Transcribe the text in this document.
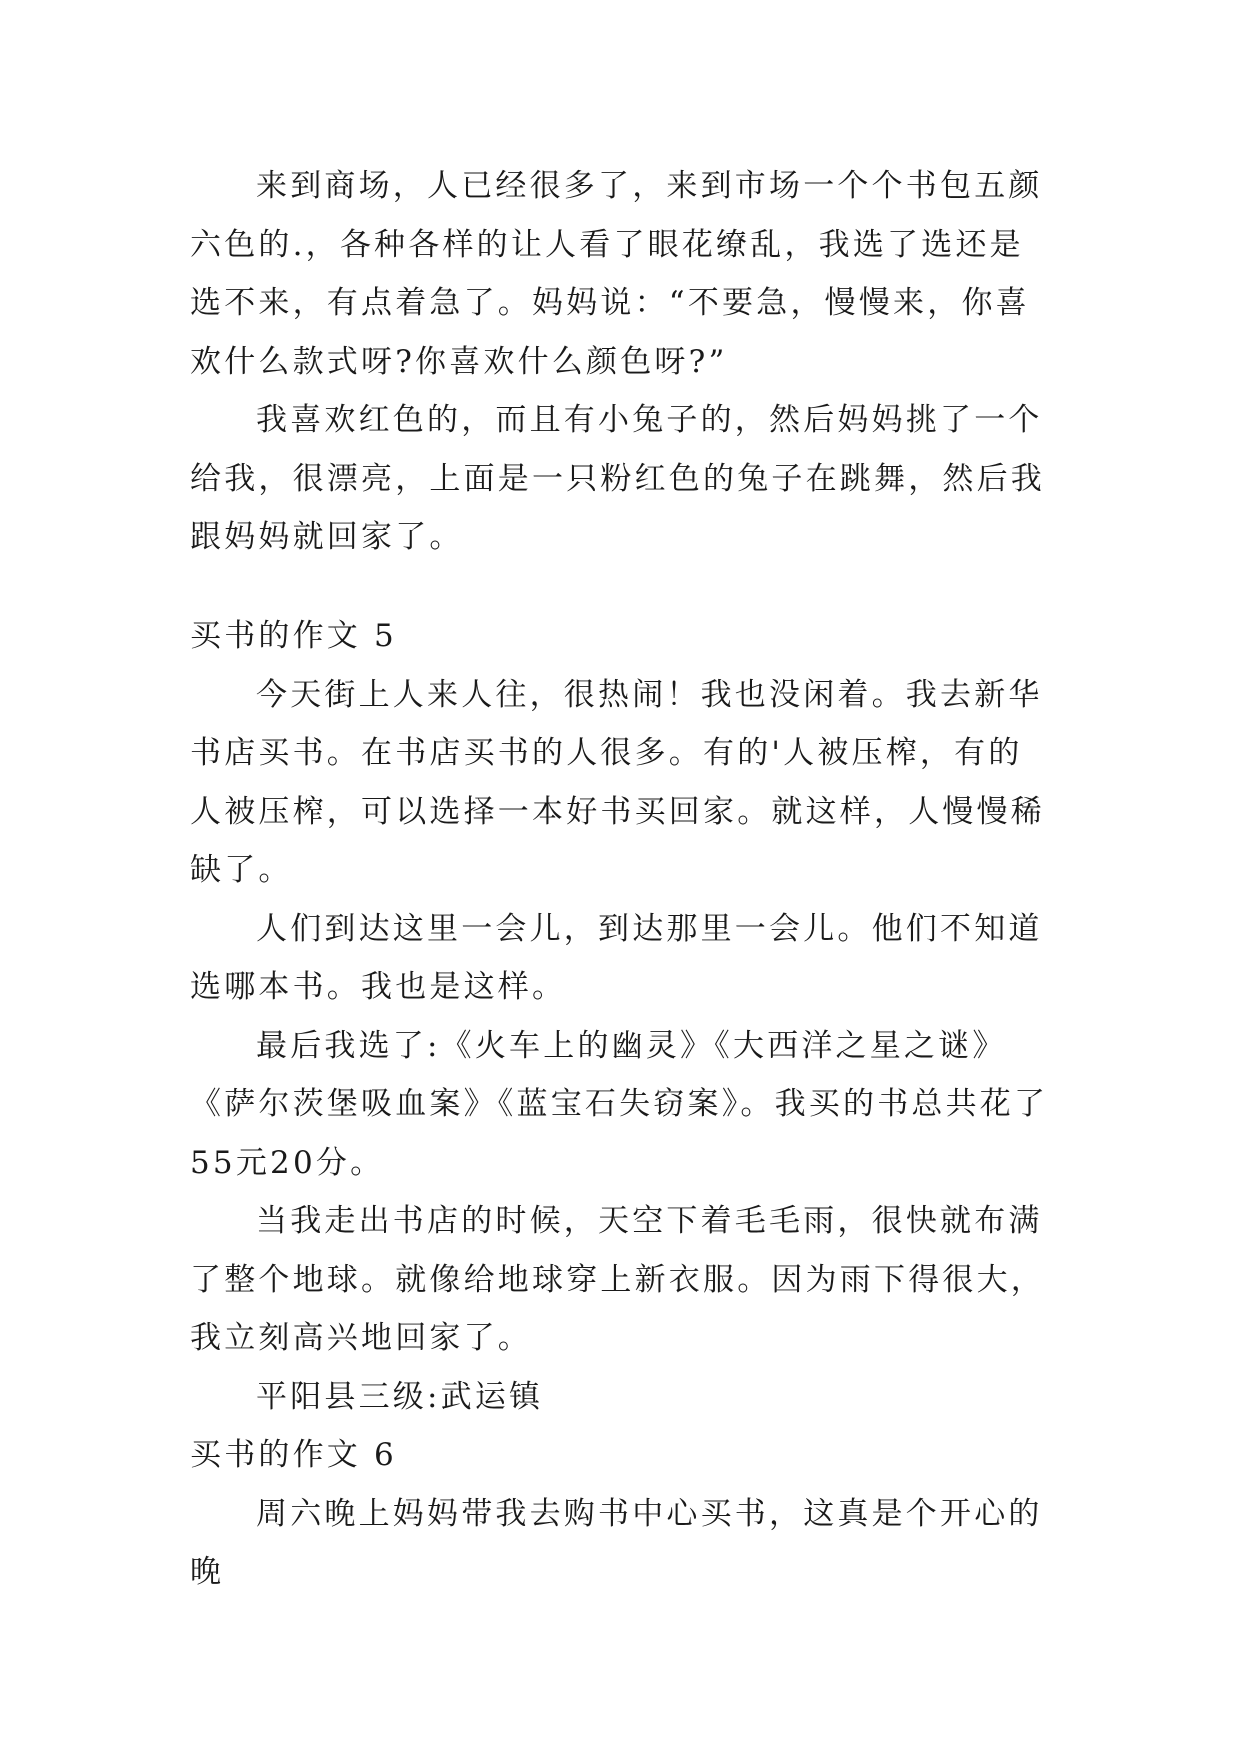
来到商场，人已经很多了，来到市场一个个书包五颜六色的.，各种各样的让人看了眼花缭乱，我选了选还是选不来，有点着急了。妈妈说：“不要急，慢慢来，你喜欢什么款式呀?你喜欢什么颜色呀?”

我喜欢红色的，而且有小兔子的，然后妈妈挑了一个给我，很漂亮，上面是一只粉红色的兔子在跳舞，然后我跟妈妈就回家了。

买书的作文 5

今天街上人来人往，很热闹！我也没闲着。我去新华书店买书。在书店买书的人很多。有的'人被压榨，有的人被压榨，可以选择一本好书买回家。就这样，人慢慢稀缺了。

人们到达这里一会儿，到达那里一会儿。他们不知道选哪本书。我也是这样。

最后我选了:《火车上的幽灵》《大西洋之星之谜》《萨尔茨堡吸血案》《蓝宝石失窃案》。我买的书总共花了55元20分。

当我走出书店的时候，天空下着毛毛雨，很快就布满了整个地球。就像给地球穿上新衣服。因为雨下得很大，我立刻高兴地回家了。

平阳县三级:武运镇

买书的作文 6

周六晚上妈妈带我去购书中心买书，这真是个开心的晚
